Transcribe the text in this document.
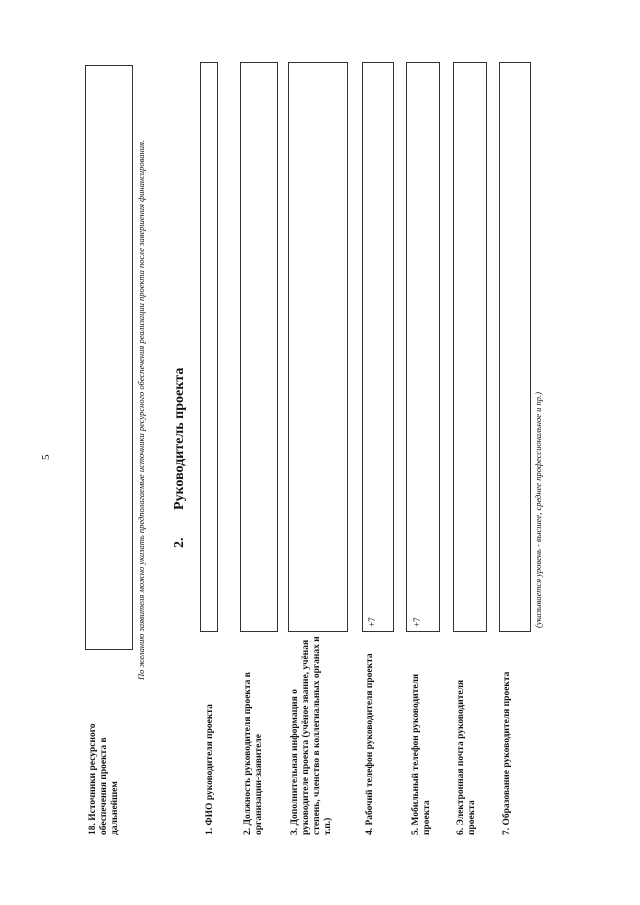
5
18. Источники ресурсного обеспечения проекта в дальнейшем
По желанию заявителя можно указать предполагаемые источники ресурсного обеспечения реализации проекта после завершения финансирования. 2.
Руководитель проекта
1. ФИО руководителя проекта	2. Должность руководителя проекта в организации-заявителе	3. Дополнительная информация о руководителе проекта (учёное звание, учёная степень, членство в коллегиальных органах и т.п.)	4. Рабочий телефон руководителя проекта
+7
5. Мобильный телефон руководителя проекта
+7
6. Электронная почта руководителя проекта	7. Образование руководителя проекта
(указывается уровень - высшее, среднее профессиональное и пр.)
